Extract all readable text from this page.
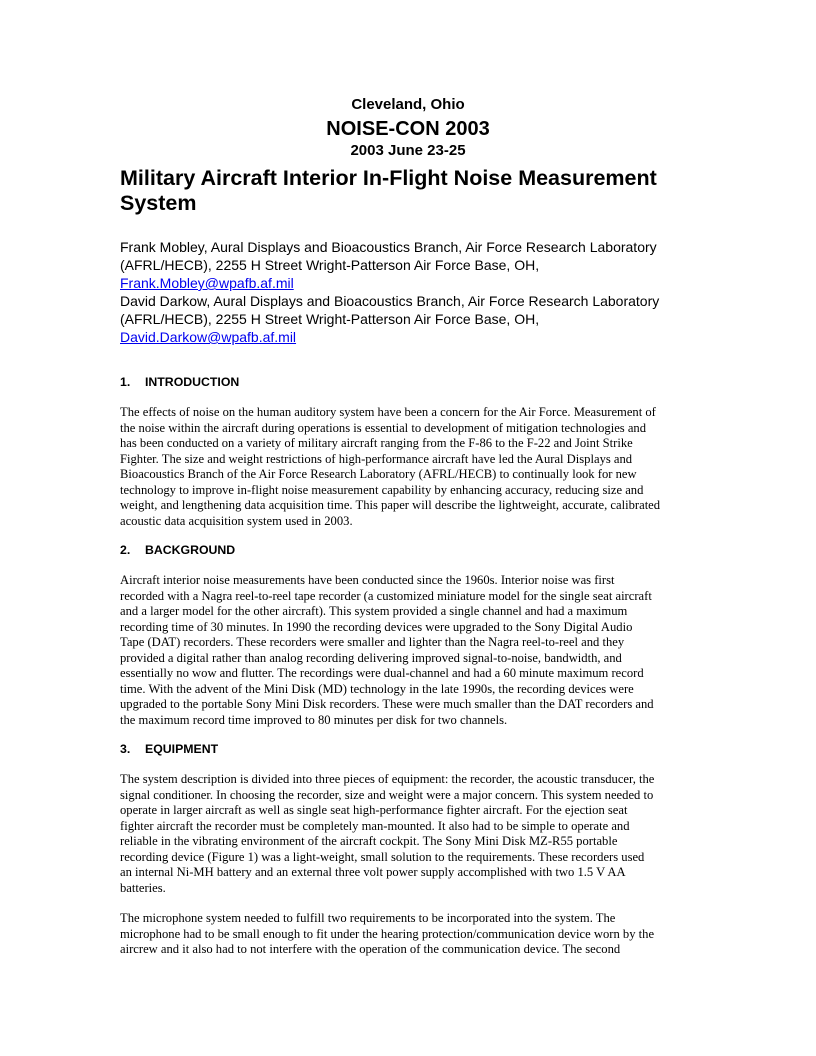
Cleveland, Ohio
NOISE-CON 2003
2003 June 23-25
Military Aircraft Interior In-Flight Noise Measurement
System
Frank Mobley, Aural Displays and Bioacoustics Branch, Air Force Research Laboratory
(AFRL/HECB), 2255 H Street Wright-Patterson Air Force Base, OH,
Frank.Mobley@wpafb.af.mil
David Darkow, Aural Displays and Bioacoustics Branch, Air Force Research Laboratory
(AFRL/HECB), 2255 H Street Wright-Patterson Air Force Base, OH,
David.Darkow@wpafb.af.mil
1. INTRODUCTION
The effects of noise on the human auditory system have been a concern for the Air Force. Measurement of
the noise within the aircraft during operations is essential to development of mitigation technologies and
has been conducted on a variety of military aircraft ranging from the F-86 to the F-22 and Joint Strike
Fighter. The size and weight restrictions of high-performance aircraft have led the Aural Displays and
Bioacoustics Branch of the Air Force Research Laboratory (AFRL/HECB) to continually look for new
technology to improve in-flight noise measurement capability by enhancing accuracy, reducing size and
weight, and lengthening data acquisition time. This paper will describe the lightweight, accurate, calibrated
acoustic data acquisition system used in 2003.
2. BACKGROUND
Aircraft interior noise measurements have been conducted since the 1960s. Interior noise was first
recorded with a Nagra reel-to-reel tape recorder (a customized miniature model for the single seat aircraft
and a larger model for the other aircraft). This system provided a single channel and had a maximum
recording time of 30 minutes. In 1990 the recording devices were upgraded to the Sony Digital Audio
Tape (DAT) recorders. These recorders were smaller and lighter than the Nagra reel-to-reel and they
provided a digital rather than analog recording delivering improved signal-to-noise, bandwidth, and
essentially no wow and flutter. The recordings were dual-channel and had a 60 minute maximum record
time. With the advent of the Mini Disk (MD) technology in the late 1990s, the recording devices were
upgraded to the portable Sony Mini Disk recorders. These were much smaller than the DAT recorders and
the maximum record time improved to 80 minutes per disk for two channels.
3. EQUIPMENT
The system description is divided into three pieces of equipment: the recorder, the acoustic transducer, the
signal conditioner. In choosing the recorder, size and weight were a major concern. This system needed to
operate in larger aircraft as well as single seat high-performance fighter aircraft. For the ejection seat
fighter aircraft the recorder must be completely man-mounted. It also had to be simple to operate and
reliable in the vibrating environment of the aircraft cockpit. The Sony Mini Disk MZ-R55 portable
recording device (Figure 1) was a light-weight, small solution to the requirements. These recorders used
an internal Ni-MH battery and an external three volt power supply accomplished with two 1.5 V AA
batteries.
The microphone system needed to fulfill two requirements to be incorporated into the system. The
microphone had to be small enough to fit under the hearing protection/communication device worn by the
aircrew and it also had to not interfere with the operation of the communication device. The second
